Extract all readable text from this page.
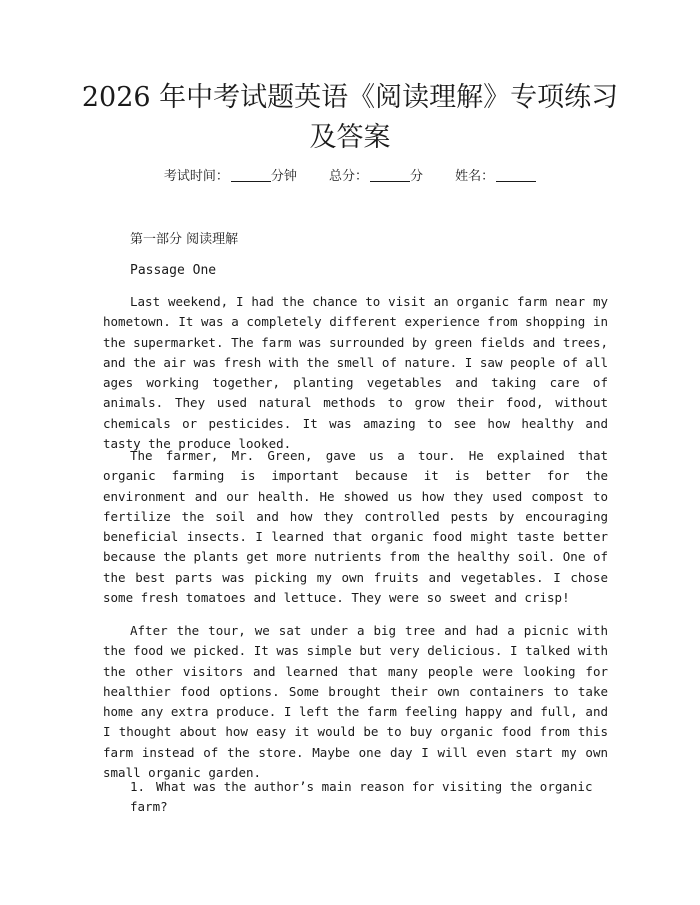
2026 年中考试题英语《阅读理解》专项练习
及答案
考试时间：	分钟 总分：	分 姓名：
第一部分 阅读理解
Passage One

Last weekend, I had the chance to visit an organic farm near my hometown. It was a completely different experience from shopping in the supermarket. The farm was surrounded by green fields and trees, and the air was fresh with the smell of nature. I saw people of all ages working together, planting vegetables and taking care of animals. They used natural methods to grow their food, without chemicals or pesticides. It was amazing to see how healthy and tasty the produce looked.

The farmer, Mr. Green, gave us a tour. He explained that organic farming is important because it is better for the environment and our health. He showed us how they used compost to fertilize the soil and how they controlled pests by encouraging beneficial insects. I learned that organic food might taste better because the plants get more nutrients from the healthy soil. One of the best parts was picking my own fruits and vegetables. I chose some fresh tomatoes and lettuce. They were so sweet and crisp!

After the tour, we sat under a big tree and had a picnic with the food we picked. It was simple but very delicious. I talked with the other visitors and learned that many people were looking for healthier food options. Some brought their own containers to take home any extra produce. I left the farm feeling happy and full, and I thought about how easy it would be to buy organic food from this farm instead of the store. Maybe one day I will even start my own small organic garden.

1. What was the author’s main reason for visiting the organic farm?
